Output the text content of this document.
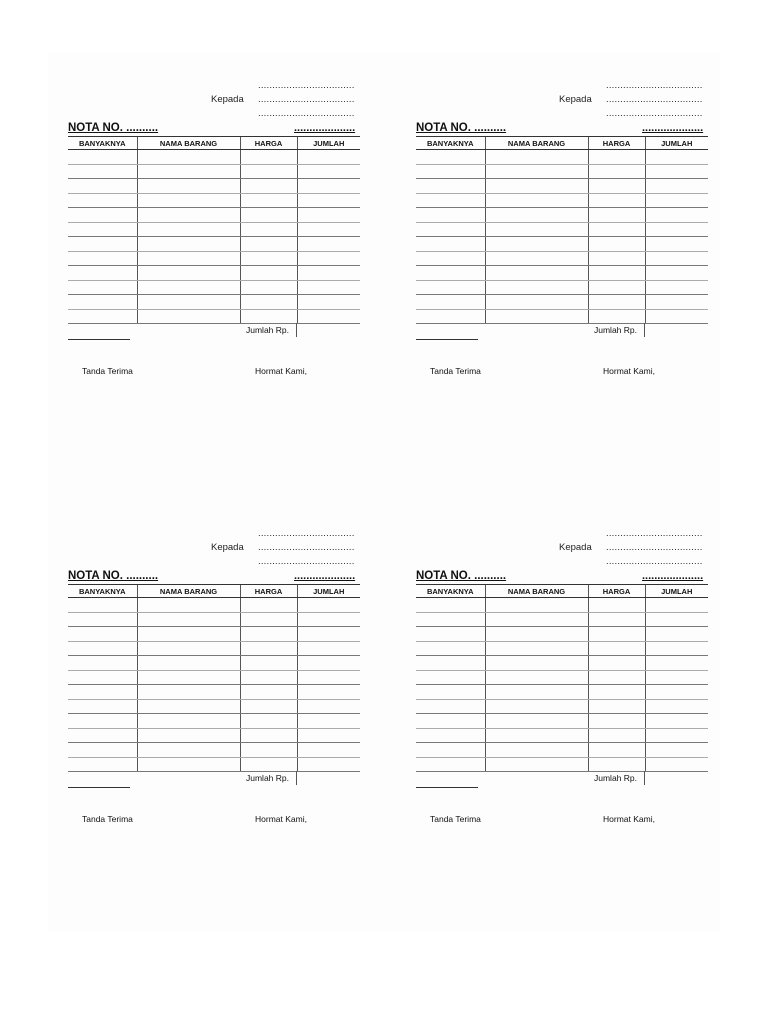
..................................
Kepada ..................................
..................................
NOTA NO. ..........	....................
BANYAKNYA	NAMA BARANG	HARGA	JUMLAH

Jumlah Rp.
Tanda Terima	Hormat Kami,
..................................
Kepada ..................................
..................................
NOTA NO. ..........	....................
BANYAKNYA	NAMA BARANG	HARGA	JUMLAH

Jumlah Rp.
Tanda Terima	Hormat Kami,
..................................
Kepada ..................................
..................................
NOTA NO. ..........	....................
BANYAKNYA	NAMA BARANG	HARGA	JUMLAH

Jumlah Rp.
Tanda Terima	Hormat Kami,
..................................
Kepada ..................................
..................................
NOTA NO. ..........	....................
BANYAKNYA	NAMA BARANG	HARGA	JUMLAH

Jumlah Rp.
Tanda Terima	Hormat Kami,
